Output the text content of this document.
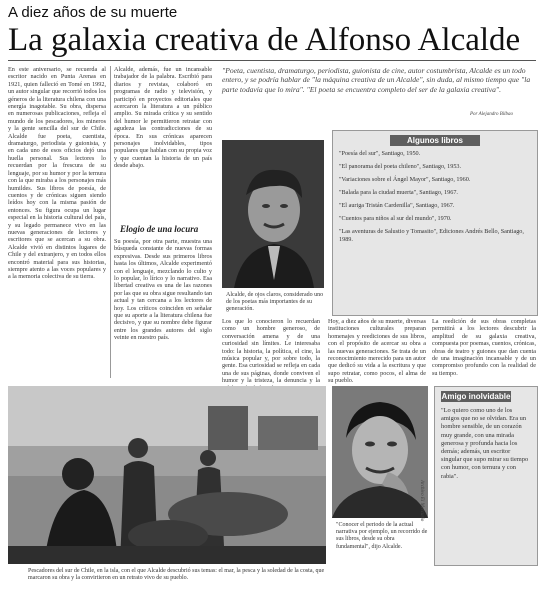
A diez años de su muerte
La galaxia creativa de Alfonso Alcalde
En este aniversario, se recuerda al escritor nacido en Punta Arenas en 1921, quien falleció en Tomé en 1992, un autor singular que recorrió todos los géneros de la literatura chilena con una energía inagotable. Su obra, dispersa en numerosas publicaciones, refleja el mundo de los pescadores, los mineros y la gente sencilla del sur de Chile. Alcalde fue poeta, cuentista, dramaturgo, periodista y guionista, y en cada uno de esos oficios dejó una huella personal. Sus lectores lo recuerdan por la frescura de su lenguaje, por su humor y por la ternura con la que miraba a los personajes más humildes. Sus libros de poesía, de cuentos y de crónicas siguen siendo leídos hoy con la misma pasión de entonces. Su figura ocupa un lugar especial en la historia cultural del país, y su legado permanece vivo en las nuevas generaciones de lectores y escritores que se acercan a su obra. Alcalde vivió en distintos lugares de Chile y del extranjero, y en todos ellos encontró material para sus historias, siempre atento a las voces populares y a la memoria colectiva de su tierra.
Alcalde, además, fue un incansable trabajador de la palabra. Escribió para diarios y revistas, colaboró en programas de radio y televisión, y participó en proyectos editoriales que acercaron la literatura a un público amplio. Su mirada crítica y su sentido del humor le permitieron retratar con agudeza las contradicciones de su época. En sus crónicas aparecen personajes inolvidables, tipos populares que hablan con su propia voz y que cuentan la historia de un país desde abajo.
Elogio de una locura
Su poesía, por otra parte, muestra una búsqueda constante de nuevas formas expresivas. Desde sus primeros libros hasta los últimos, Alcalde experimentó con el lenguaje, mezclando lo culto y lo popular, lo lírico y lo narrativo. Esa libertad creativa es una de las razones por las que su obra sigue resultando tan actual y tan cercana a los lectores de hoy. Los críticos coinciden en señalar que su aporte a la literatura chilena fue decisivo, y que su nombre debe figurar entre los grandes autores del siglo veinte en nuestro país.
"Poeta, cuentista, dramaturgo, periodista, guionista de cine, autor costumbrista, Alcalde es un todo entero, y se podría hablar de "la máquina creativa de un Alcalde", sin duda, al mismo tiempo que "la parte todavía que lo mira". "El poeta se encuentra completo del ser de la galaxia creativa".
Por Alejandro Bilbao
Alcalde, de ojos claros, considerado uno de los poetas más importantes de su generación.
Algunos libros
"Poesía del sur", Santiago, 1950.
"El panorama del poeta chileno", Santiago, 1953.
"Variaciones sobre el Ángel Mayor", Santiago, 1960.
"Balada para la ciudad muerta", Santiago, 1967.
"El auriga Tristán Cardenilla", Santiago, 1967.
"Cuentos para niños al sur del mundo", 1970.
"Las aventuras de Salustio y Tomasito", Ediciones Andrés Bello, Santiago, 1989.
Los que lo conocieron lo recuerdan como un hombre generoso, de conversación amena y de una curiosidad sin límites. Le interesaba todo: la historia, la política, el cine, la música popular y, por sobre todo, la gente. Esa curiosidad se refleja en cada una de sus páginas, donde conviven el humor y la tristeza, la denuncia y la
Hoy, a diez años de su muerte, diversas instituciones culturales preparan homenajes y reediciones de sus libros, con el propósito de acercar su obra a las nuevas generaciones. Se trata de un reconocimiento merecido para un autor que dedicó su vida a la escritura y que supo retratar, como pocos, el alma de su pueblo.
La reedición de sus obras completas permitirá a los lectores descubrir la amplitud de su galaxia creativa, compuesta por poemas, cuentos, crónicas, obras de teatro y guiones que dan cuenta de una imaginación incansable y de un compromiso profundo con la realidad de su tiempo.
Archivo El Mercurio
"Conocer el periodo de la actual narrativa por ejemplo, un recorrido de sus libros, desde su obra fundamental", dijo Alcalde.
Amigo inolvidable
"Lo quiero como uno de los amigos que no se olvidan. Era un hombre sensible, de un corazón muy grande, con una mirada generosa y profunda hacia los demás; además, un escritor singular que supo mirar su tiempo con humor, con ternura y con rabia".
Pescadores del sur de Chile, en la isla, con el que Alcalde descubrió sus temas: el mar, la pesca y la soledad de la costa, que marcaron su obra y la convirtieron en un retrato vivo de su pueblo.
